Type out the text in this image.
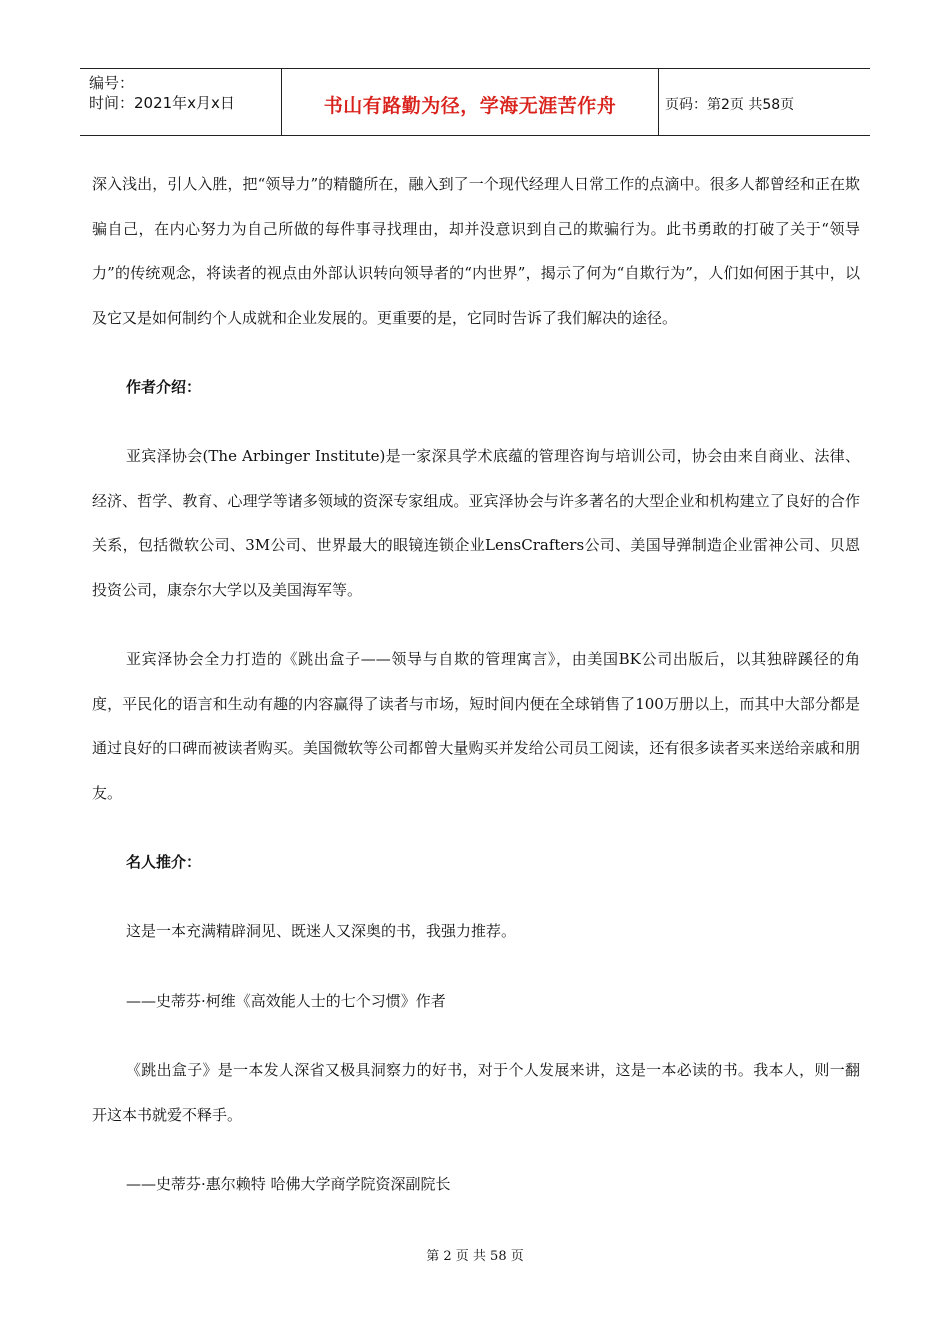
编号：
时间：2021年x月x日	书山有路勤为径，学海无涯苦作舟	页码：第2页 共58页

深入浅出，引人入胜，把“领导力”的精髓所在，融入到了一个现代经理人日常工作的点滴中。很多人都曾经和正在欺骗自己，在内心努力为自己所做的每件事寻找理由，却并没意识到自己的欺骗行为。此书勇敢的打破了关于“领导力”的传统观念，将读者的视点由外部认识转向领导者的“内世界”，揭示了何为“自欺行为”，人们如何困于其中，以及它又是如何制约个人成就和企业发展的。更重要的是，它同时告诉了我们解决的途径。

作者介绍：

亚宾泽协会(The Arbinger Institute)是一家深具学术底蕴的管理咨询与培训公司，协会由来自商业、法律、经济、哲学、教育、心理学等诸多领域的资深专家组成。亚宾泽协会与许多著名的大型企业和机构建立了良好的合作关系，包括微软公司、3M公司、世界最大的眼镜连锁企业LensCrafters公司、美国导弹制造企业雷神公司、贝恩投资公司，康奈尔大学以及美国海军等。

亚宾泽协会全力打造的《跳出盒子——领导与自欺的管理寓言》，由美国BK公司出版后，以其独辟蹊径的角度，平民化的语言和生动有趣的内容赢得了读者与市场，短时间内便在全球销售了100万册以上，而其中大部分都是通过良好的口碑而被读者购买。美国微软等公司都曾大量购买并发给公司员工阅读，还有很多读者买来送给亲戚和朋友。

名人推介：

这是一本充满精辟洞见、既迷人又深奥的书，我强力推荐。

——史蒂芬·柯维《高效能人士的七个习惯》作者

《跳出盒子》是一本发人深省又极具洞察力的好书，对于个人发展来讲，这是一本必读的书。我本人，则一翻开这本书就爱不释手。

——史蒂芬·惠尔赖特 哈佛大学商学院资深副院长

第 2 页 共 58 页
